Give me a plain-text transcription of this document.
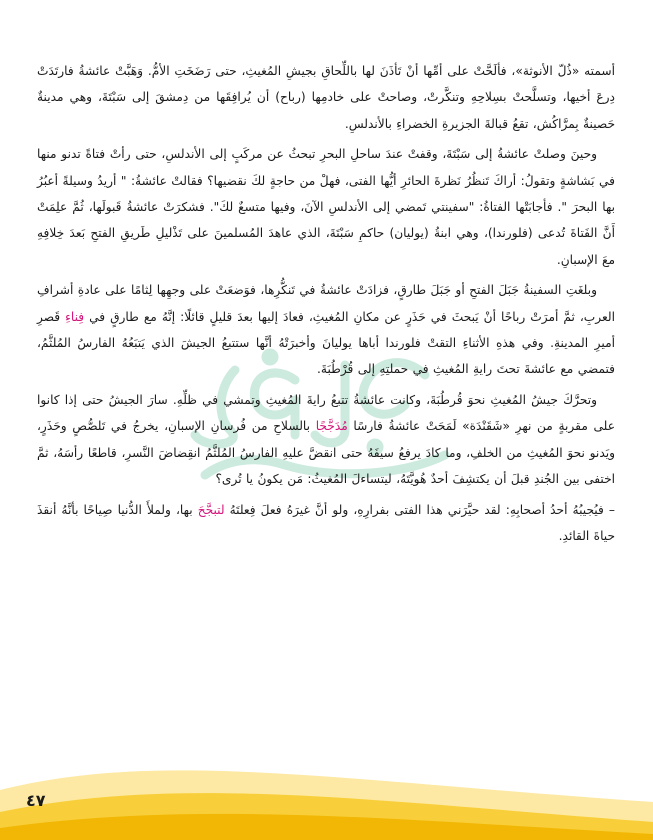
أسمته «ذُلّ الأنوثة»، فألَحَّتْ على أمِّها أنْ تَأذَنَ لها باللِّحاقِ بجيشِ المُغيثِ، حتى رَضَخَتِ الأمُّ. وَهَبَّتْ عائشةُ فارتَدَتْ دِرعَ أخيها، وتسلَّحتْ بسِلاحِهِ وتنكَّرتْ، وصاحتْ على خادمِها (رباح) أن يُرافِقَها من دِمشقَ إلى سَبْتَةَ، وهي مدينةٌ حَصينةٌ بِمرَّاكُش، تقعُ قبالةَ الجزيرةِ الخضراءِ بالأندلسِ.

وحينَ وصلتْ عائشةُ إلى سَبْتَةَ، وقفتْ عندَ ساحلِ البحرِ تبحثُ عن مركَبٍ إلى الأندلسِ، حتى رأتْ فتاةً تدنو منها في بَشاشةٍ وتقولُ: أراكَ تَنظُرُ نَظرةَ الحائرِ أيُّها الفتى، فهلْ من حاجةٍ لكَ نقضيها؟ فقالتْ عائشةُ: " أريدُ وسيلةً أعبُرُ بها البحرَ ". فأجابَتْها الفتاةُ: "سفينتي تَمضي إلى الأندلسِ الآنَ، وفيها متسعٌ لكَ". فشكرَتْ عائشةُ قَبولَها، ثُمَّ علِمَتْ أَنَّ الفَتاةَ تُدعى (فلورندا)، وهي ابنةُ (يوليان) حاكمِ سَبْتَةَ، الذي عاهدَ المُسلمينَ على تَذْليلِ طَريقِ الفتحِ بَعدَ خِلافِهِ معَ الإسبانِ.

وبلغَتِ السفينةُ جَبَلَ الفتحِ أو جَبَلَ طارقٍ، فزادَتْ عائشةُ في تَنكُّرِها، فوَضعَتْ على وجهِها لِثامًا على عادةِ أشرافِ العربِ، ثمَّ أمرَتْ رباحًا أنْ يَبحثَ في حَذَرٍ عن مكانِ المُغيثِ، فعادَ إليها بعدَ قليلٍ قائلًا: إنَّهُ مع طارقٍ في فِناءِ قَصرِ أميرِ المدينةِ. وفي هذهِ الأثناءِ التقتْ فلورندا أباها يوليانَ وأخبرَتْهُ أنَّها ستتبعُ الجيشَ الذي يَتبَعُهُ الفارسُ المُلثَّمُ، فتمضي مع عائشةَ تحتَ رايةِ المُغيثِ في حملتِهِ إلى قُرْطُبَةَ.

وتحرَّكَ جيشُ المُغيثِ نحوَ قُرطُبَةَ، وكانت عائشةُ تتبعُ رايةَ المُغيثِ وتمشي في ظلِّهِ. سارَ الجيشُ حتى إذا كانوا على مقربةٍ من نهرِ «شَقَنْدَة» لَمَحَتْ عائشةُ فارسًا مُدَجَّجًا بالسلاحِ من فُرسانِ الإسبانِ، يخرجُ في تَلصُّصٍ وحَذَرٍ، ويَدنو نحوَ المُغيثِ من الخلفِ، وما كادَ يرفعُ سيفَهُ حتى انقضَّ عليهِ الفارسُ المُلثَّمُ انقِضاضَ النَّسرِ، قاطعًا رأسَهُ، ثمَّ اختفى بين الجُندِ قبلَ أن يكتشِفَ أحدٌ هُويَّتَهُ، ليتساءلَ المُغيثُ: مَن يكونُ يا تُرى؟

– فيُجيبُهُ أحدُ أصحابِهِ: لقد حيَّرَني هذا الفتى بفرارِهِ، ولو أنَّ غيرَهُ فعلَ فِعلتَهُ لتبجَّحَ بها، ولملأَ الدُّنيا صِياحًا بأنَّهُ أنقذَ حياةَ القائدِ.

٤٧
